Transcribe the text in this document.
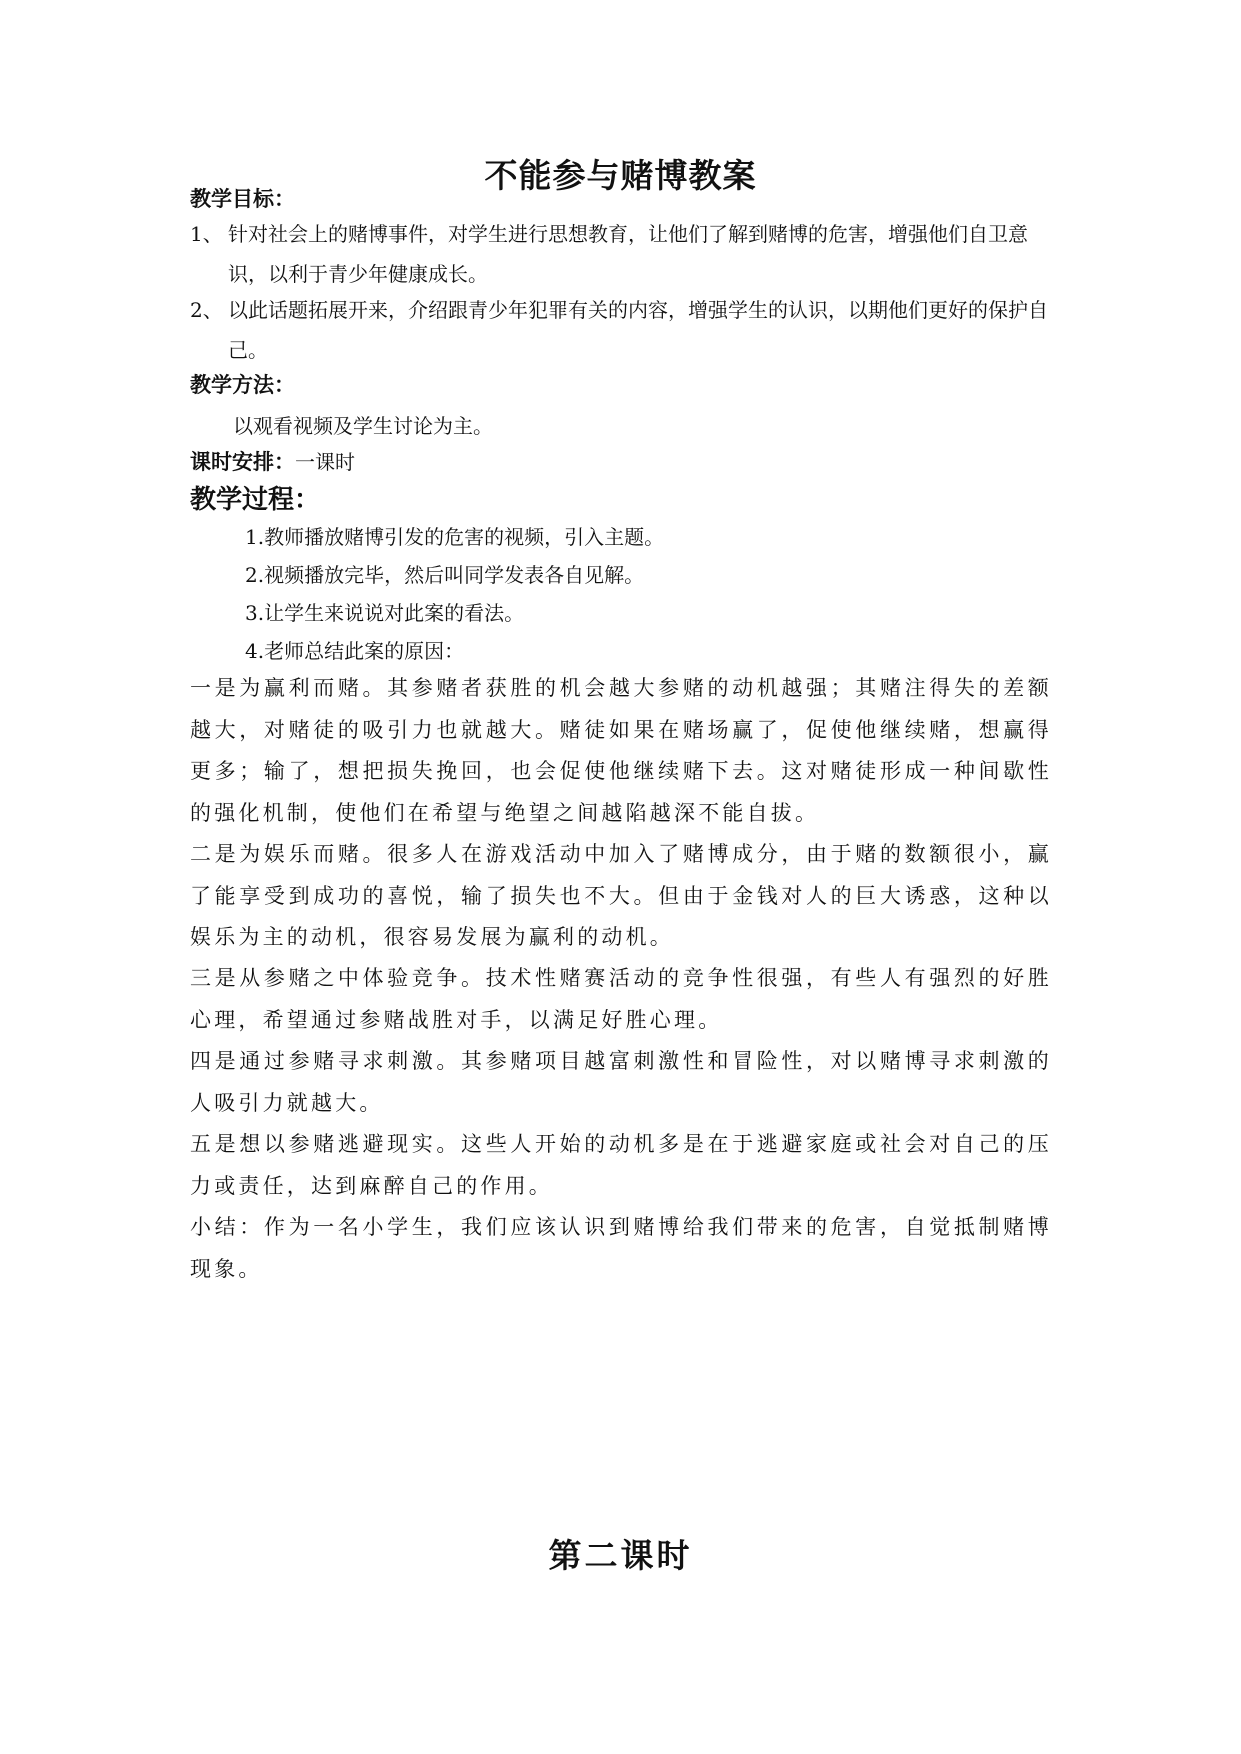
不能参与赌博教案
教学目标：
1、 针对社会上的赌博事件，对学生进行思想教育，让他们了解到赌博的危害，增强他们自卫意识，以利于青少年健康成长。
2、 以此话题拓展开来，介绍跟青少年犯罪有关的内容，增强学生的认识，以期他们更好的保护自己。
教学方法：
以观看视频及学生讨论为主。
课时安排：一课时
教学过程：
1.教师播放赌博引发的危害的视频，引入主题。
2.视频播放完毕，然后叫同学发表各自见解。
3.让学生来说说对此案的看法。
4.老师总结此案的原因：
一是为赢利而赌。其参赌者获胜的机会越大参赌的动机越强；其赌注得失的差额越大，对赌徒的吸引力也就越大。赌徒如果在赌场赢了，促使他继续赌，想赢得更多；输了，想把损失挽回，也会促使他继续赌下去。这对赌徒形成一种间歇性的强化机制，使他们在希望与绝望之间越陷越深不能自拔。
二是为娱乐而赌。很多人在游戏活动中加入了赌博成分，由于赌的数额很小，赢了能享受到成功的喜悦，输了损失也不大。但由于金钱对人的巨大诱惑，这种以娱乐为主的动机，很容易发展为赢利的动机。
三是从参赌之中体验竞争。技术性赌赛活动的竞争性很强，有些人有强烈的好胜心理，希望通过参赌战胜对手，以满足好胜心理。
四是通过参赌寻求刺激。其参赌项目越富刺激性和冒险性，对以赌博寻求刺激的人吸引力就越大。
五是想以参赌逃避现实。这些人开始的动机多是在于逃避家庭或社会对自己的压力或责任，达到麻醉自己的作用。
小结：作为一名小学生，我们应该认识到赌博给我们带来的危害，自觉抵制赌博现象。
第二课时
